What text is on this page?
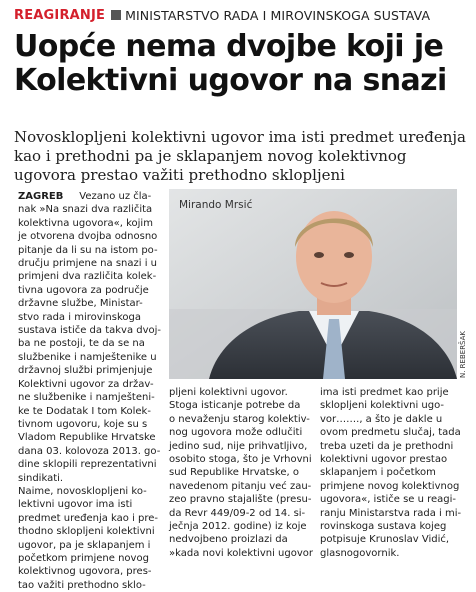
REAGIRANJE MINISTARSTVO RADA I MIROVINSKOGA SUSTAVA
Uopće nema dvojbe koji je
Kolektivni ugovor na snazi
Novosklopljeni kolektivni ugovor ima isti predmet uređenja
kao i prethodni pa je sklapanjem novog kolektivnog
ugovora prestao važiti prethodno sklopljeni
ZAGREB Vezano uz čla-
nak »Na snazi dva različita
kolektivna ugovora«, kojim
je otvorena dvojba odnosno
pitanje da li su na istom po-
dručju primjene na snazi i u
primjeni dva različita kolek-
tivna ugovora za područje
državne službe, Ministar-
stvo rada i mirovinskoga
sustava ističe da takva dvoj-
ba ne postoji, te da se na
službenike i namještenike u
državnoj službi primjenjuje
Kolektivni ugovor za držav-
ne službenike i namješteni-
ke te Dodatak I tom Kolek-
tivnom ugovoru, koje su s
Vladom Republike Hrvatske
dana 03. kolovoza 2013. go-
dine sklopili reprezentativni
sindikati.
Naime, novosklopljeni ko-
lektivni ugovor ima isti
predmet uređenja kao i pre-
thodno sklopljeni kolektivni
ugovor, pa je sklapanjem i
početkom primjene novog
kolektivnog ugovora, pres-
tao važiti prethodno sklo-
Mirando Mrsić
N. REBERŠAK
pljeni kolektivni ugovor.
Stoga isticanje potrebe da
o nevaženju starog kolektiv-
nog ugovora može odlučiti
jedino sud, nije prihvatljivo,
osobito stoga, što je Vrhovni
sud Republike Hrvatske, o
navedenom pitanju već zau-
zeo pravno stajalište (presu-
da Revr 449/09-2 od 14. si-
ječnja 2012. godine) iz koje
nedvojbeno proizlazi da
»kada novi kolektivni ugovor
ima isti predmet kao prije
sklopljeni kolektivni ugo-
vor……., a što je dakle u
ovom predmetu slučaj, tada
treba uzeti da je prethodni
kolektivni ugovor prestao
sklapanjem i početkom
primjene novog kolektivnog
ugovora«, ističe se u reagi-
ranju Ministarstva rada i mi-
rovinskoga sustava kojeg
potpisuje Krunoslav Vidić,
glasnogovornik.
